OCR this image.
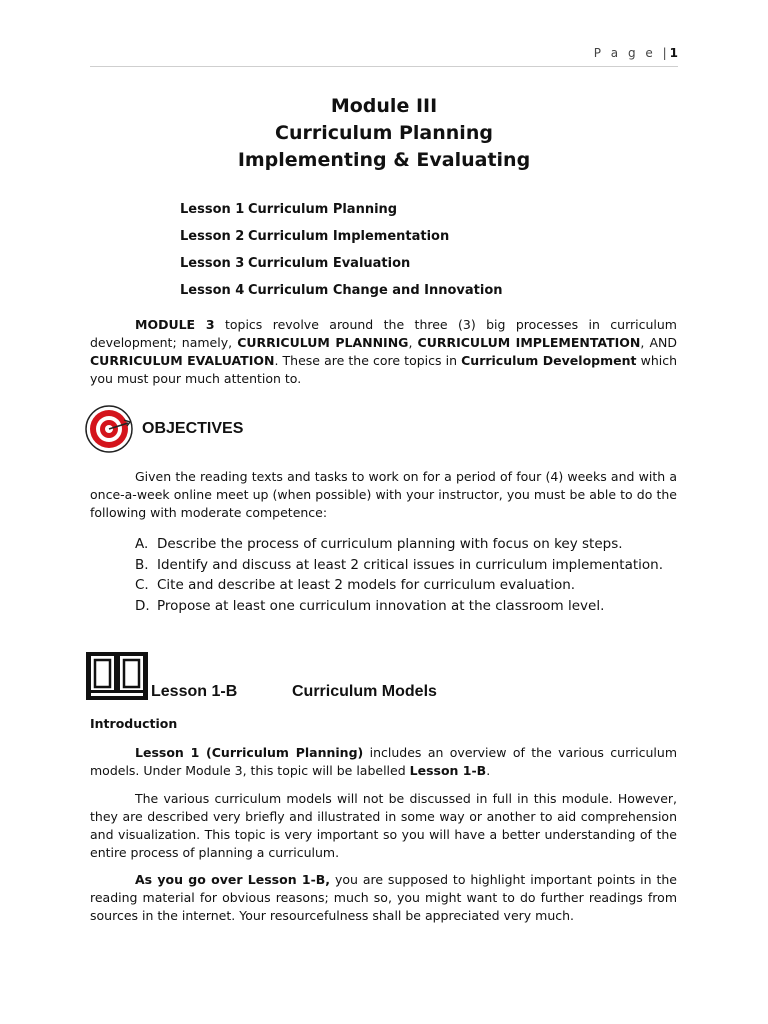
P a g e |1
Module III
Curriculum Planning
Implementing & Evaluating
Lesson 1 Curriculum Planning
Lesson 2 Curriculum Implementation
Lesson 3 Curriculum Evaluation
Lesson 4 Curriculum Change and Innovation
MODULE 3 topics revolve around the three (3) big processes in curriculum development; namely, CURRICULUM PLANNING, CURRICULUM IMPLEMENTATION, AND CURRICULUM EVALUATION. These are the core topics in Curriculum Development which you must pour much attention to.
OBJECTIVES
Given the reading texts and tasks to work on for a period of four (4) weeks and with a once-a-week online meet up (when possible) with your instructor, you must be able to do the following with moderate competence:
A. Describe the process of curriculum planning with focus on key steps.
B. Identify and discuss at least 2 critical issues in curriculum implementation.
C. Cite and describe at least 2 models for curriculum evaluation.
D. Propose at least one curriculum innovation at the classroom level.
Lesson 1-B	Curriculum Models
Introduction
Lesson 1 (Curriculum Planning) includes an overview of the various curriculum models. Under Module 3, this topic will be labelled Lesson 1-B.
The various curriculum models will not be discussed in full in this module. However, they are described very briefly and illustrated in some way or another to aid comprehension and visualization. This topic is very important so you will have a better understanding of the entire process of planning a curriculum.
As you go over Lesson 1-B, you are supposed to highlight important points in the reading material for obvious reasons; much so, you might want to do further readings from sources in the internet. Your resourcefulness shall be appreciated very much.
